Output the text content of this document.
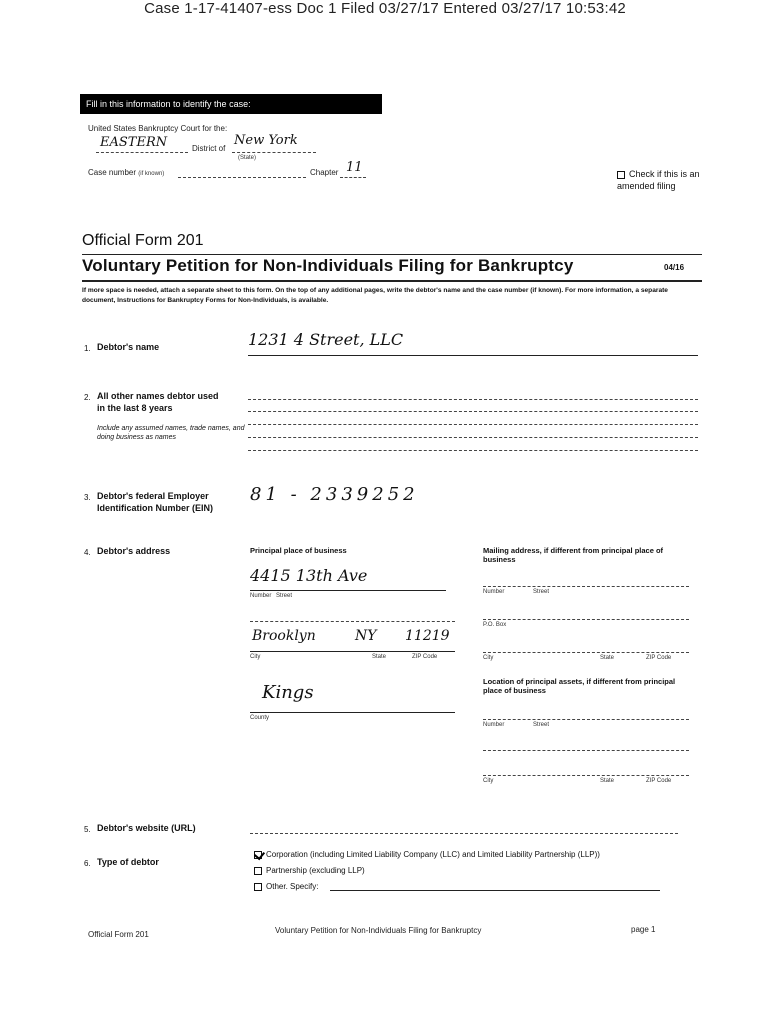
Case 1-17-41407-ess Doc 1 Filed 03/27/17 Entered 03/27/17 10:53:42
Fill in this information to identify the case:
United States Bankruptcy Court for the:
EASTERN	District of
New York
(State)
Case number (if known)	Chapter 11	Check if this is an amended filing
Official Form 201
Voluntary Petition for Non-Individuals Filing for Bankruptcy	04/16
If more space is needed, attach a separate sheet to this form. On the top of any additional pages, write the debtor's name and the case number (if known). For more information, a separate document, Instructions for Bankruptcy Forms for Non-Individuals, is available.
1. Debtor's name	1231 4 Street, LLC
2. All other names debtor used
in the last 8 years
Include any assumed names, trade names, and doing business as names
3. Debtor's federal Employer
Identification Number (EIN)
81 - 2339252
4. Debtor's address	Principal place of business
4415 13th Ave
Number Street
Brooklyn	NY 11219
City	State	ZIP Code
Kings
County
Mailing address, if different from principal place of business
Number	Street
P.O. Box
City	State	ZIP Code
Location of principal assets, if different from principal place of business
Number	Street
City	State	ZIP Code
5. Debtor's website (URL)
6. Type of debtor
Corporation (including Limited Liability Company (LLC) and Limited Liability Partnership (LLP))
Partnership (excluding LLP)
Other. Specify:
Official Form 201	Voluntary Petition for Non-Individuals Filing for Bankruptcy	page 1
